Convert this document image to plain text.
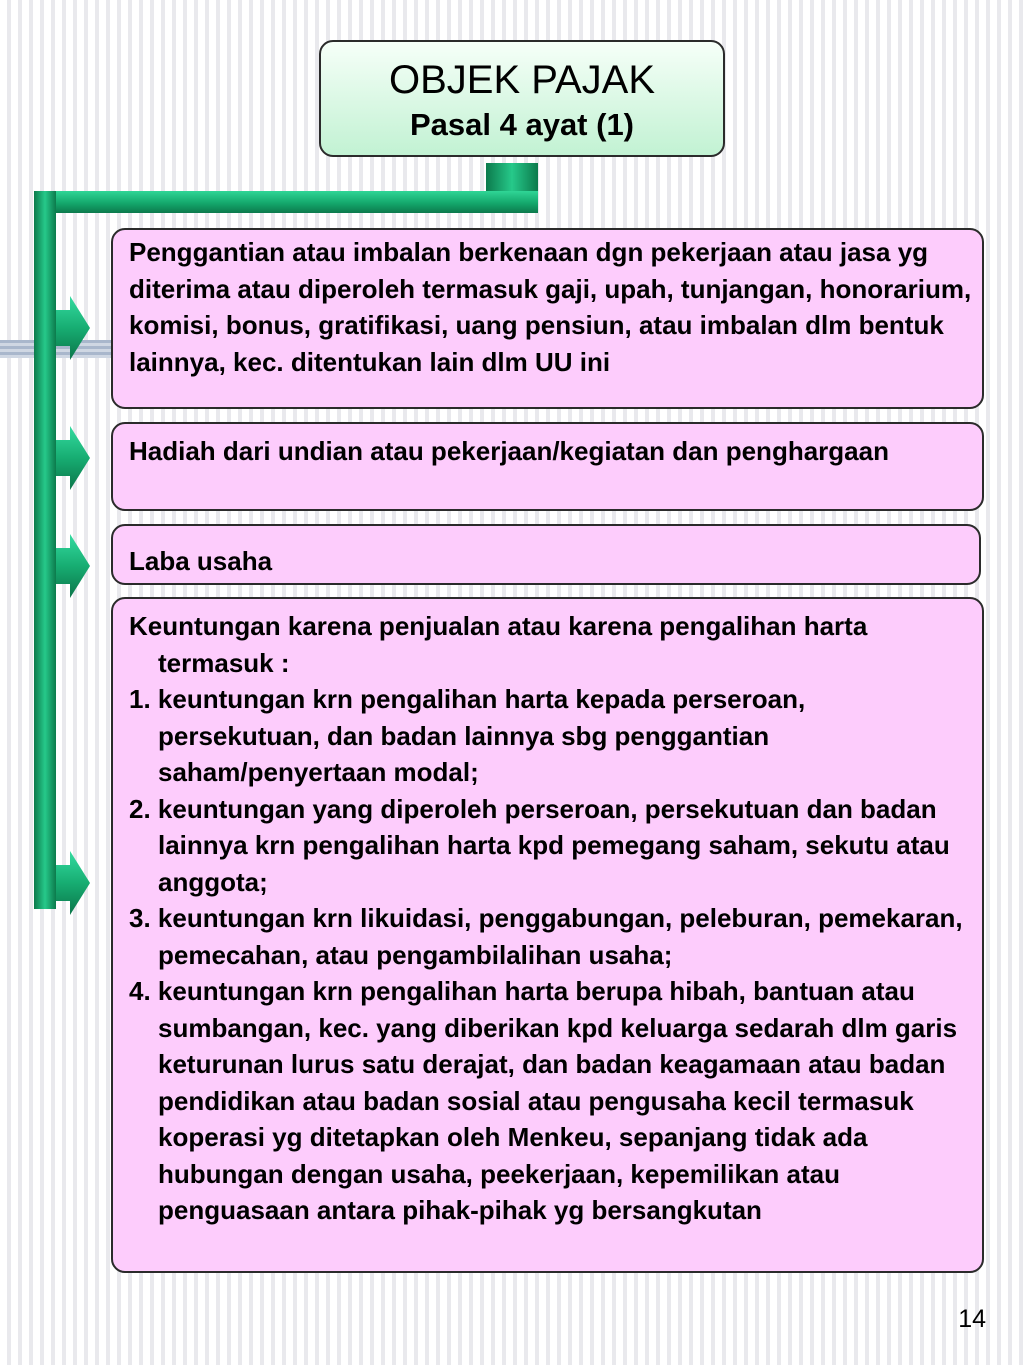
OBJEK PAJAK
Pasal 4 ayat (1)
Penggantian atau imbalan berkenaan dgn pekerjaan atau jasa yg diterima atau diperoleh termasuk gaji, upah, tunjangan, honorarium, komisi, bonus, gratifikasi, uang pensiun, atau imbalan dlm bentuk lainnya, kec. ditentukan lain dlm UU ini
Hadiah dari undian atau pekerjaan/kegiatan dan penghargaan
Laba usaha
Keuntungan karena penjualan atau karena pengalihan harta termasuk :
1. keuntungan krn pengalihan harta kepada perseroan, persekutuan, dan badan lainnya sbg penggantian saham/penyertaan modal;
2. keuntungan yang diperoleh perseroan, persekutuan dan badan lainnya krn pengalihan harta kpd pemegang saham, sekutu atau anggota;
3. keuntungan krn likuidasi, penggabungan, peleburan, pemekaran, pemecahan, atau pengambilalihan usaha;
4. keuntungan krn pengalihan harta berupa hibah, bantuan atau sumbangan, kec. yang diberikan kpd keluarga sedarah dlm garis keturunan lurus satu derajat, dan badan keagamaan atau badan pendidikan atau badan sosial atau pengusaha kecil termasuk koperasi yg ditetapkan oleh Menkeu, sepanjang tidak ada hubungan dengan usaha, peekerjaan, kepemilikan atau penguasaan antara pihak-pihak yg bersangkutan
14
